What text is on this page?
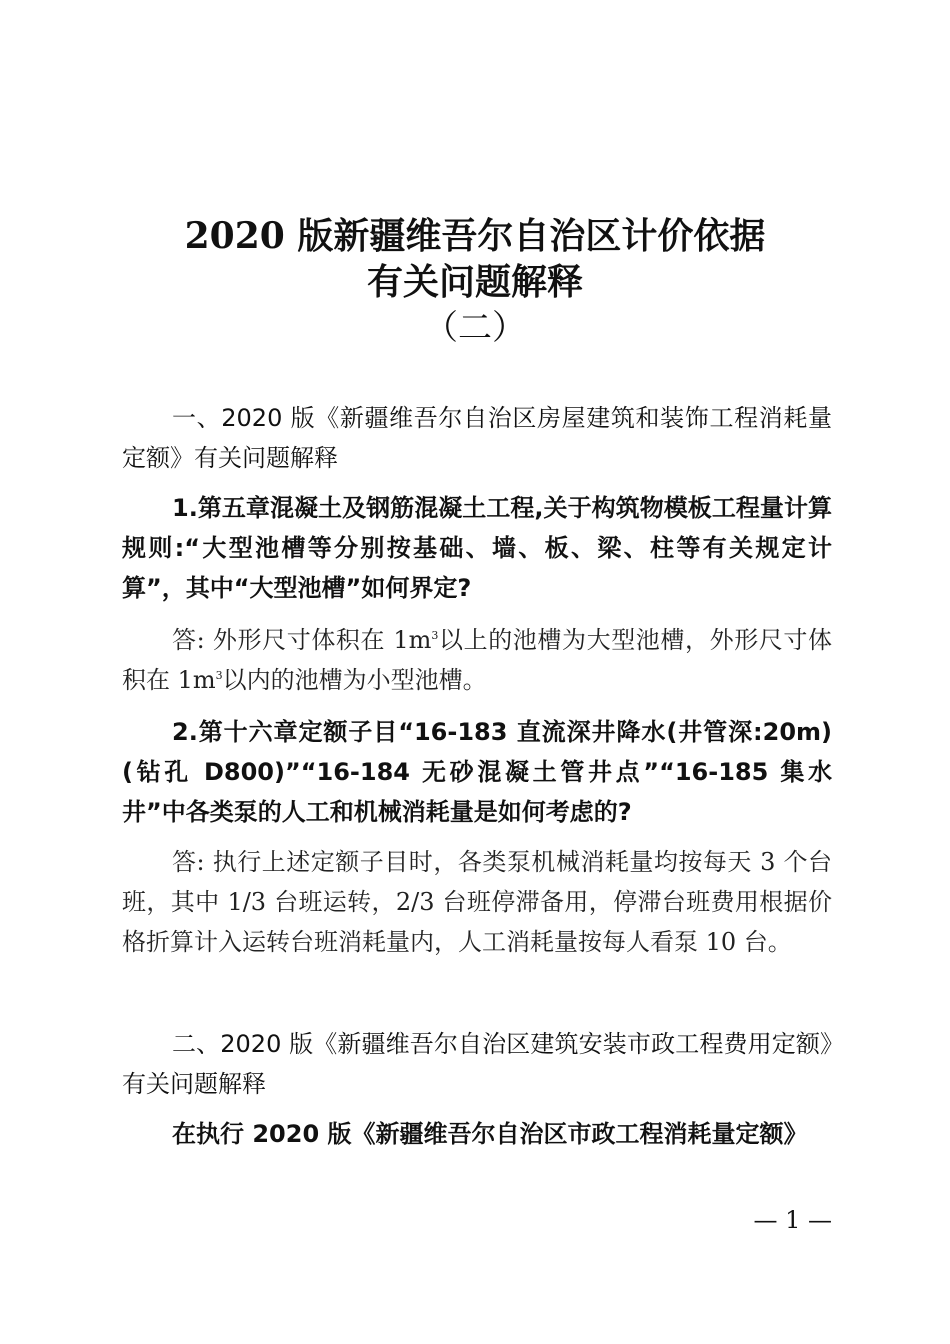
2020 版新疆维吾尔自治区计价依据
有关问题解释
（二）

一、2020 版《新疆维吾尔自治区房屋建筑和装饰工程消耗量定额》有关问题解释

1.第五章混凝土及钢筋混凝土工程,关于构筑物模板工程量计算规则:“大型池槽等分别按基础、墙、板、梁、柱等有关规定计算”，其中“大型池槽”如何界定?

答: 外形尺寸体积在 $1m^3$以上的池槽为大型池槽，外形尺寸体积在 $1m^3$以内的池槽为小型池槽。

2.第十六章定额子目“16-183 直流深井降水(井管深:20m)(钻孔 D800)”“16-184 无砂混凝土管井点”“16-185 集水井”中各类泵的人工和机械消耗量是如何考虑的?

答: 执行上述定额子目时，各类泵机械消耗量均按每天 3 个台班，其中 1/3 台班运转，2/3 台班停滞备用，停滞台班费用根据价格折算计入运转台班消耗量内，人工消耗量按每人看泵 10 台。

二、2020 版《新疆维吾尔自治区建筑安装市政工程费用定额》有关问题解释

在执行 2020 版《新疆维吾尔自治区市政工程消耗量定额》

— 1 —
